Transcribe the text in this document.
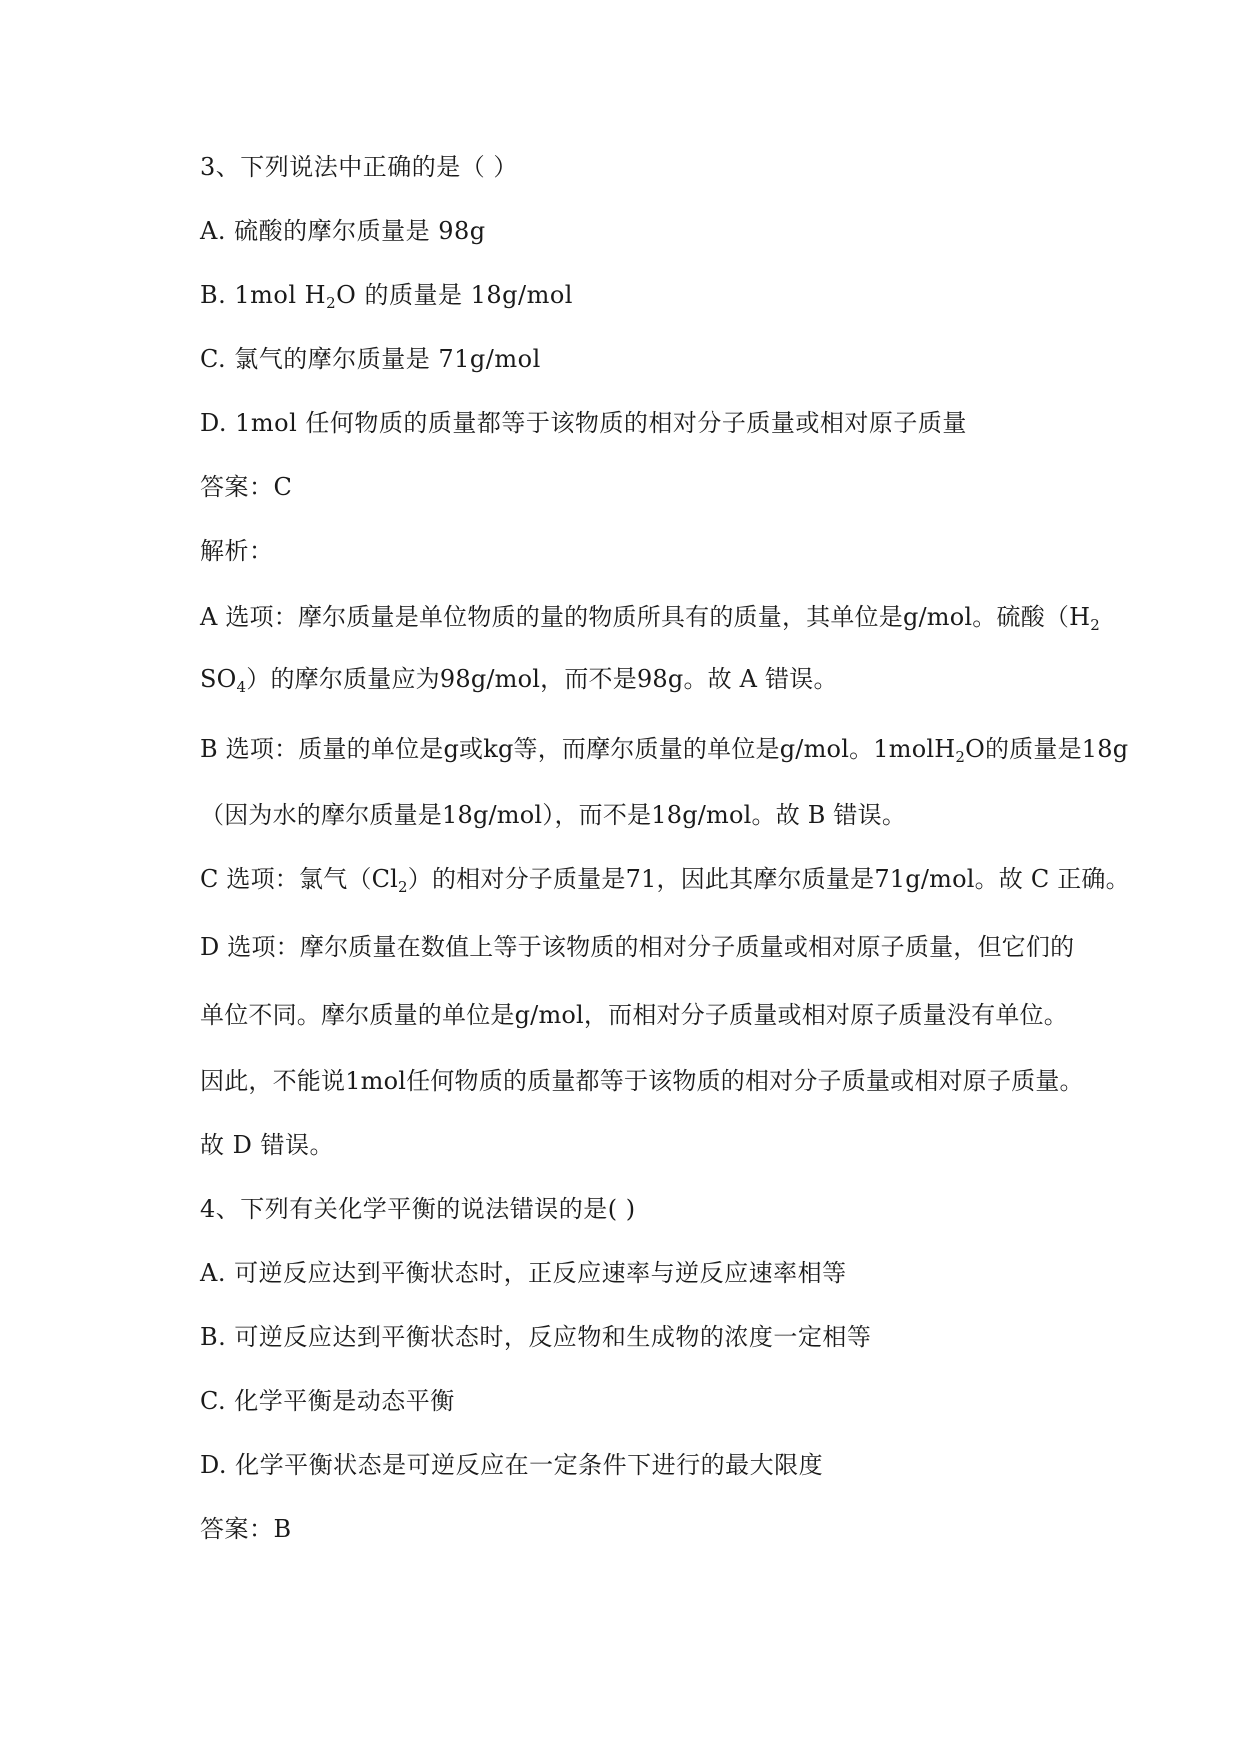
3、下列说法中正确的是（ ）
A. 硫酸的摩尔质量是 98g
B. 1mol $H_2O$ 的质量是 18g/mol
C. 氯气的摩尔质量是 71g/mol
D. 1mol 任何物质的质量都等于该物质的相对分子质量或相对原子质量
答案：C
解析：
A 选项：摩尔质量是单位物质的量的物质所具有的质量，其单位是g/mol。硫酸（$H_2$
$SO_4$）的摩尔质量应为98g/mol，而不是98g。故 A 错误。
B 选项：质量的单位是g或kg等，而摩尔质量的单位是g/mol。1molH$_2$O的质量是18g
（因为水的摩尔质量是18g/mol），而不是18g/mol。故 B 错误。
C 选项：氯气$(Cl_2)$的相对分子质量是71，因此其摩尔质量是71g/mol。故 C 正确。
D 选项：摩尔质量在数值上等于该物质的相对分子质量或相对原子质量，但它们的
单位不同。摩尔质量的单位是g/mol，而相对分子质量或相对原子质量没有单位。
因此，不能说1mol任何物质的质量都等于该物质的相对分子质量或相对原子质量。
故 D 错误。
4、下列有关化学平衡的说法错误的是( )
A. 可逆反应达到平衡状态时，正反应速率与逆反应速率相等
B. 可逆反应达到平衡状态时，反应物和生成物的浓度一定相等
C. 化学平衡是动态平衡
D. 化学平衡状态是可逆反应在一定条件下进行的最大限度
答案：B
